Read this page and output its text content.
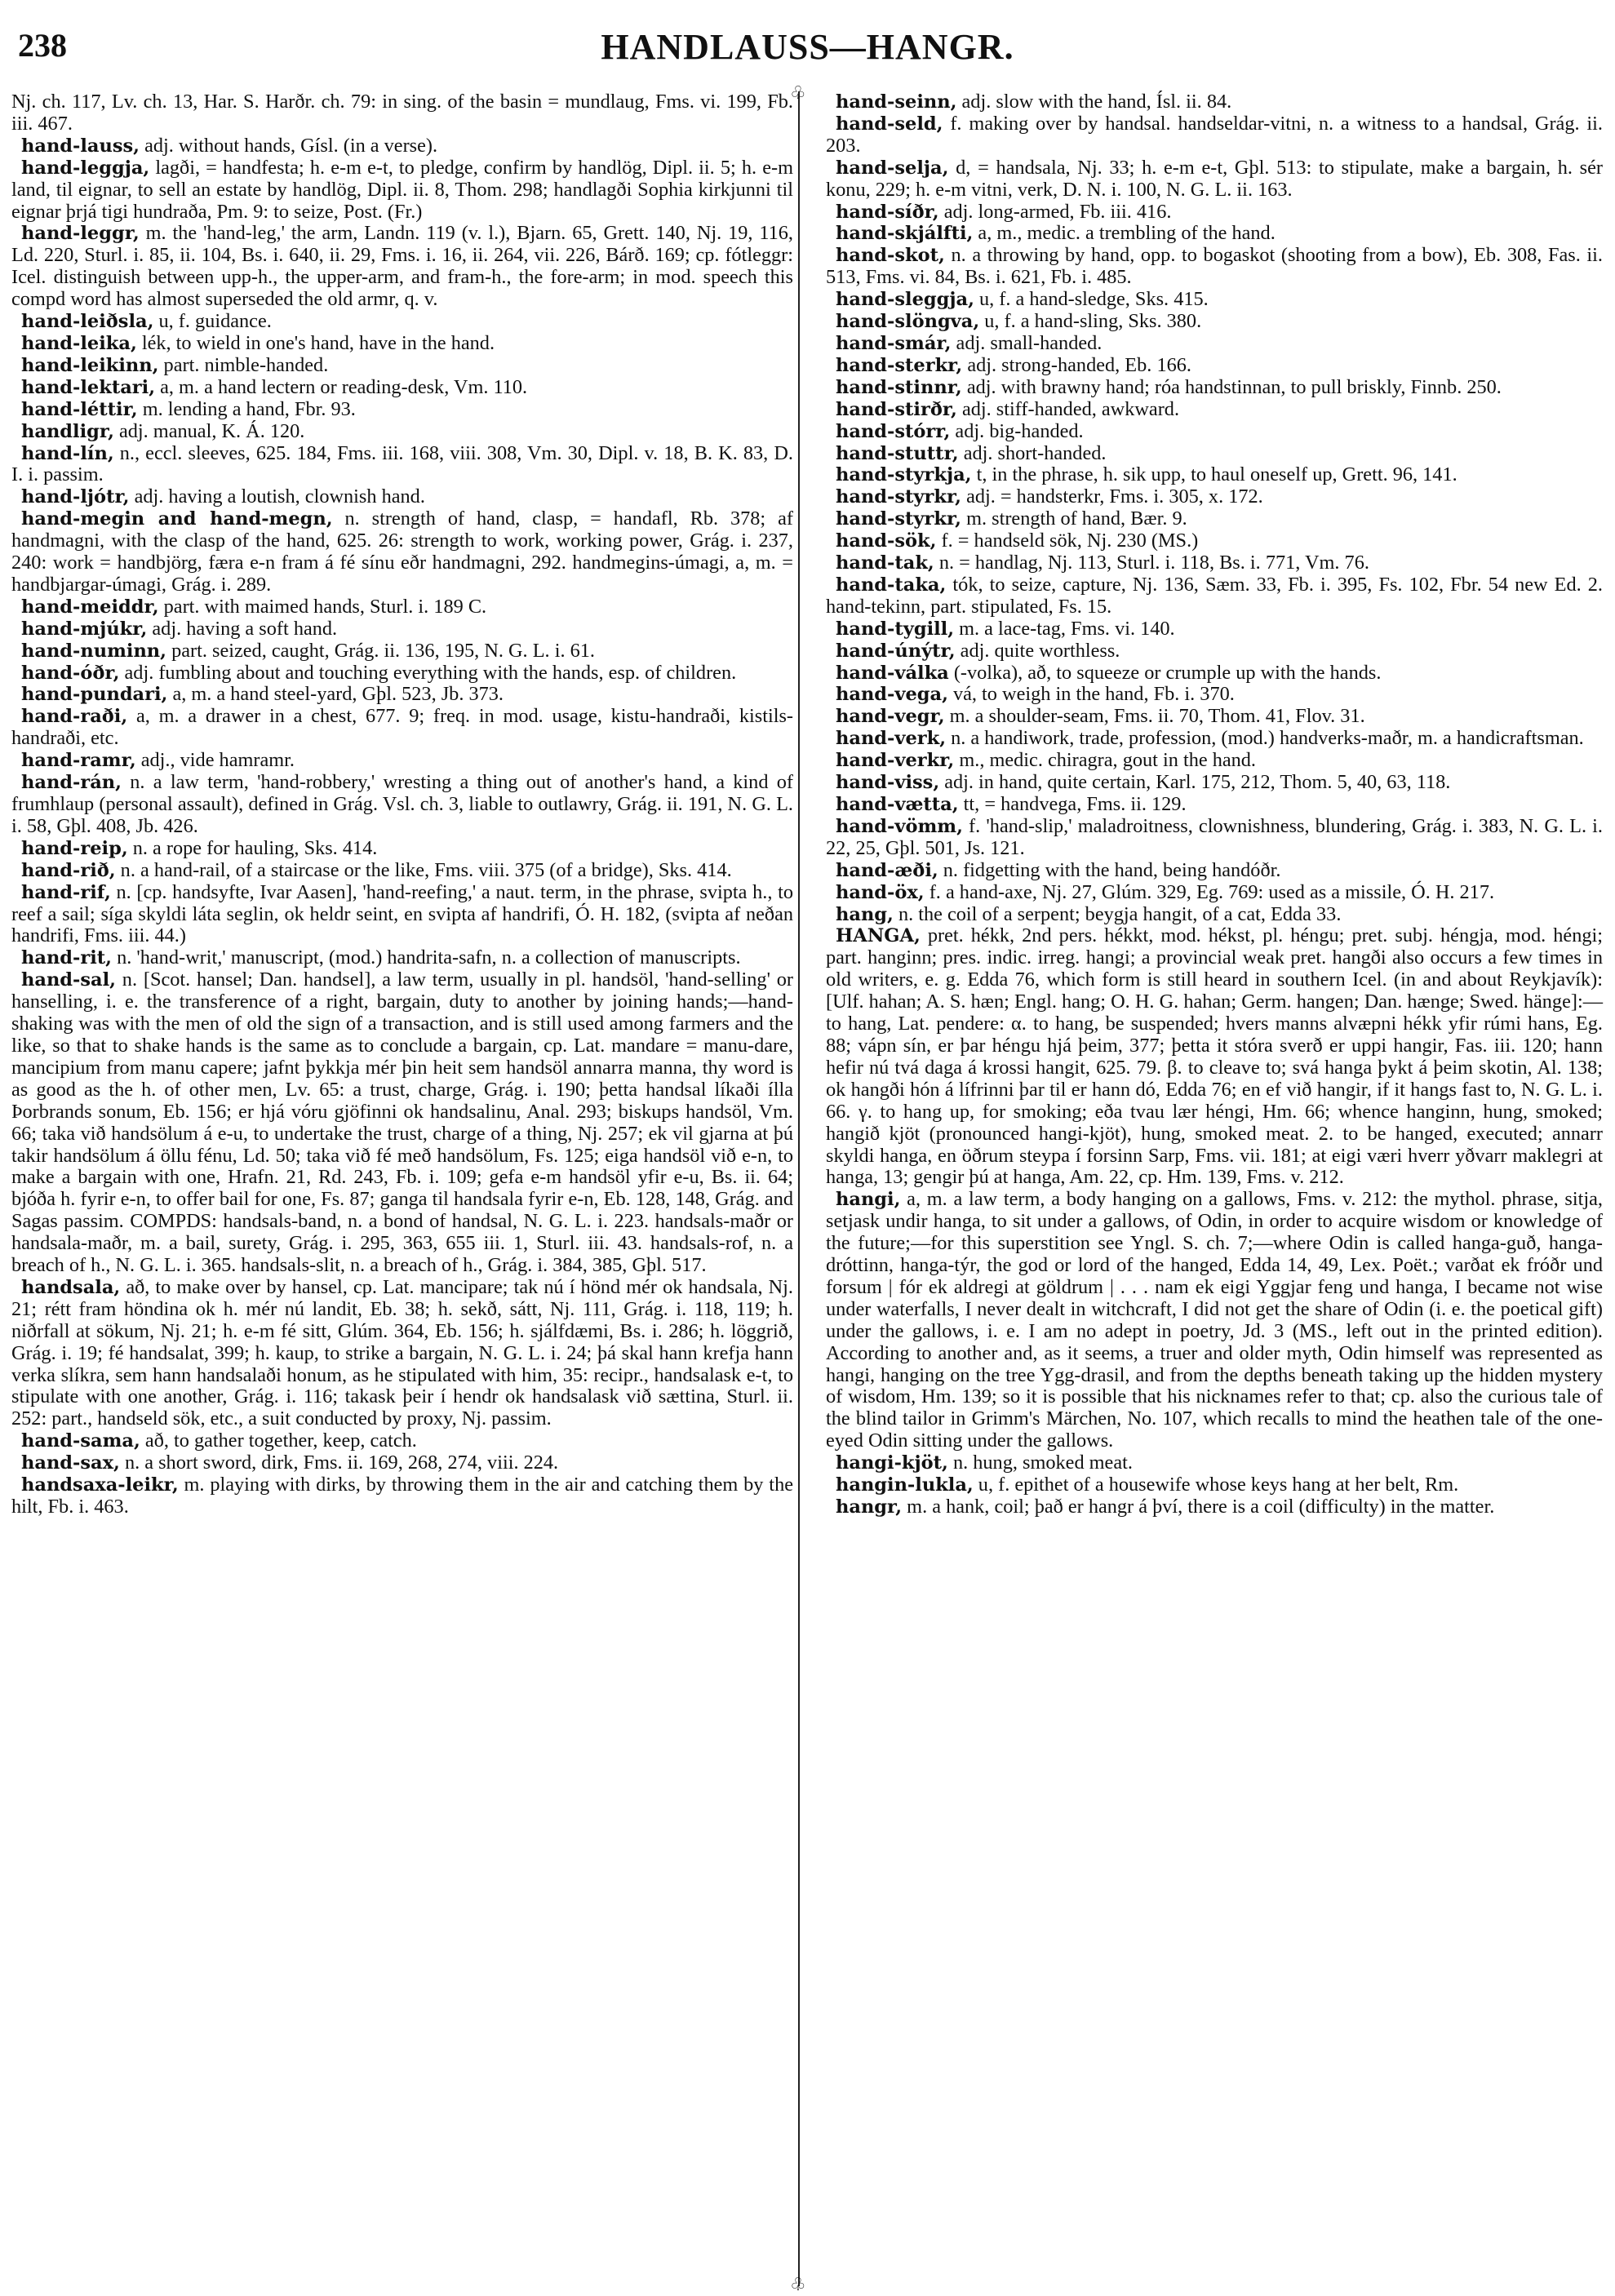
238	HANDLAUSS—HANGR.

Nj. ch. 117, Lv. ch. 13, Har. S. Harðr. ch. 79: in sing. of the basin = mundlaug, Fms. vi. 199, Fb. iii. 467.

hand-lauss, adj. without hands, Gísl. (in a verse).

hand-leggja, lagði, = handfesta; h. e-m e-t, to pledge, confirm by handlög, Dipl. ii. 5; h. e-m land, til eignar, to sell an estate by handlög, Dipl. ii. 8, Thom. 298; handlagði Sophia kirkjunni til eignar þrjá tigi hundraða, Pm. 9: to seize, Post. (Fr.)

hand-leggr, m. the 'hand-leg,' the arm, Landn. 119 (v. l.), Bjarn. 65, Grett. 140, Nj. 19, 116, Ld. 220, Sturl. i. 85, ii. 104, Bs. i. 640, ii. 29, Fms. i. 16, ii. 264, vii. 226, Bárð. 169; cp. fótleggr: Icel. distinguish between upp-h., the upper-arm, and fram-h., the fore-arm; in mod. speech this compd word has almost superseded the old armr, q. v.

hand-leiðsla, u, f. guidance.

hand-leika, lék, to wield in one's hand, have in the hand.

hand-leikinn, part. nimble-handed.

hand-lektari, a, m. a hand lectern or reading-desk, Vm. 110.

hand-léttir, m. lending a hand, Fbr. 93.

handligr, adj. manual, K. Á. 120.

hand-lín, n., eccl. sleeves, 625. 184, Fms. iii. 168, viii. 308, Vm. 30, Dipl. v. 18, B. K. 83, D. I. i. passim.

hand-ljótr, adj. having a loutish, clownish hand.

hand-megin and hand-megn, n. strength of hand, clasp, = handafl, Rb. 378; af handmagni, with the clasp of the hand, 625. 26: strength to work, working power, Grág. i. 237, 240: work = handbjörg, færa e-n fram á fé sínu eðr handmagni, 292. handmegins-úmagi, a, m. = handbjargar-úmagi, Grág. i. 289.

hand-meiddr, part. with maimed hands, Sturl. i. 189 C.

hand-mjúkr, adj. having a soft hand.

hand-numinn, part. seized, caught, Grág. ii. 136, 195, N. G. L. i. 61.

hand-óðr, adj. fumbling about and touching everything with the hands, esp. of children.

hand-pundari, a, m. a hand steel-yard, Gþl. 523, Jb. 373.

hand-raði, a, m. a drawer in a chest, 677. 9; freq. in mod. usage, kistu-handraði, kistils-handraði, etc.

hand-ramr, adj., vide hamramr.

hand-rán, n. a law term, 'hand-robbery,' wresting a thing out of another's hand, a kind of frumhlaup (personal assault), defined in Grág. Vsl. ch. 3, liable to outlawry, Grág. ii. 191, N. G. L. i. 58, Gþl. 408, Jb. 426.

hand-reip, n. a rope for hauling, Sks. 414.

hand-rið, n. a hand-rail, of a staircase or the like, Fms. viii. 375 (of a bridge), Sks. 414.

hand-rif, n. [cp. handsyfte, Ivar Aasen], 'hand-reefing,' a naut. term, in the phrase, svipta h., to reef a sail; síga skyldi láta seglin, ok heldr seint, en svipta af handrifi, Ó. H. 182, (svipta af neðan handrifi, Fms. iii. 44.)

hand-rit, n. 'hand-writ,' manuscript, (mod.) handrita-safn, n. a collection of manuscripts.

hand-sal, n. [Scot. hansel; Dan. handsel], a law term, usually in pl. handsöl, 'hand-selling' or hanselling, i. e. the transference of a right, bargain, duty to another by joining hands;—hand-shaking was with the men of old the sign of a transaction, and is still used among farmers and the like, so that to shake hands is the same as to conclude a bargain, cp. Lat. mandare = manu-dare, mancipium from manu capere; jafnt þykkja mér þin heit sem handsöl annarra manna, thy word is as good as the h. of other men, Lv. 65: a trust, charge, Grág. i. 190; þetta handsal líkaði ílla Þorbrands sonum, Eb. 156; er hjá vóru gjöfinni ok handsalinu, Anal. 293; biskups handsöl, Vm. 66; taka við handsölum á e-u, to undertake the trust, charge of a thing, Nj. 257; ek vil gjarna at þú takir handsölum á öllu fénu, Ld. 50; taka við fé með handsölum, Fs. 125; eiga handsöl við e-n, to make a bargain with one, Hrafn. 21, Rd. 243, Fb. i. 109; gefa e-m handsöl yfir e-u, Bs. ii. 64; bjóða h. fyrir e-n, to offer bail for one, Fs. 87; ganga til handsala fyrir e-n, Eb. 128, 148, Grág. and Sagas passim. COMPDS: handsals-band, n. a bond of handsal, N. G. L. i. 223. handsals-maðr or handsala-maðr, m. a bail, surety, Grág. i. 295, 363, 655 iii. 1, Sturl. iii. 43. handsals-rof, n. a breach of h., N. G. L. i. 365. handsals-slit, n. a breach of h., Grág. i. 384, 385, Gþl. 517.

handsala, að, to make over by hansel, cp. Lat. mancipare; tak nú í hönd mér ok handsala, Nj. 21; rétt fram höndina ok h. mér nú landit, Eb. 38; h. sekð, sátt, Nj. 111, Grág. i. 118, 119; h. niðrfall at sökum, Nj. 21; h. e-m fé sitt, Glúm. 364, Eb. 156; h. sjálfdæmi, Bs. i. 286; h. löggrið, Grág. i. 19; fé handsalat, 399; h. kaup, to strike a bargain, N. G. L. i. 24; þá skal hann krefja hann verka slíkra, sem hann handsalaði honum, as he stipulated with him, 35: recipr., handsalask e-t, to stipulate with one another, Grág. i. 116; takask þeir í hendr ok handsalask við sættina, Sturl. ii. 252: part., handseld sök, etc., a suit conducted by proxy, Nj. passim.

hand-sama, að, to gather together, keep, catch.

hand-sax, n. a short sword, dirk, Fms. ii. 169, 268, 274, viii. 224.

handsaxa-leikr, m. playing with dirks, by throwing them in the air and catching them by the hilt, Fb. i. 463.

♧
♧

hand-seinn, adj. slow with the hand, Ísl. ii. 84.

hand-seld, f. making over by handsal. handseldar-vitni, n. a witness to a handsal, Grág. ii. 203.

hand-selja, d, = handsala, Nj. 33; h. e-m e-t, Gþl. 513: to stipulate, make a bargain, h. sér konu, 229; h. e-m vitni, verk, D. N. i. 100, N. G. L. ii. 163.

hand-síðr, adj. long-armed, Fb. iii. 416.

hand-skjálfti, a, m., medic. a trembling of the hand.

hand-skot, n. a throwing by hand, opp. to bogaskot (shooting from a bow), Eb. 308, Fas. ii. 513, Fms. vi. 84, Bs. i. 621, Fb. i. 485.

hand-sleggja, u, f. a hand-sledge, Sks. 415.

hand-slöngva, u, f. a hand-sling, Sks. 380.

hand-smár, adj. small-handed.

hand-sterkr, adj. strong-handed, Eb. 166.

hand-stinnr, adj. with brawny hand; róa handstinnan, to pull briskly, Finnb. 250.

hand-stirðr, adj. stiff-handed, awkward.

hand-stórr, adj. big-handed.

hand-stuttr, adj. short-handed.

hand-styrkja, t, in the phrase, h. sik upp, to haul oneself up, Grett. 96, 141.

hand-styrkr, adj. = handsterkr, Fms. i. 305, x. 172.

hand-styrkr, m. strength of hand, Bær. 9.

hand-sök, f. = handseld sök, Nj. 230 (MS.)

hand-tak, n. = handlag, Nj. 113, Sturl. i. 118, Bs. i. 771, Vm. 76.

hand-taka, tók, to seize, capture, Nj. 136, Sæm. 33, Fb. i. 395, Fs. 102, Fbr. 54 new Ed. 2. hand-tekinn, part. stipulated, Fs. 15.

hand-tygill, m. a lace-tag, Fms. vi. 140.

hand-únýtr, adj. quite worthless.

hand-válka (-volka), að, to squeeze or crumple up with the hands.

hand-vega, vá, to weigh in the hand, Fb. i. 370.

hand-vegr, m. a shoulder-seam, Fms. ii. 70, Thom. 41, Flov. 31.

hand-verk, n. a handiwork, trade, profession, (mod.) handverks-maðr, m. a handicraftsman.

hand-verkr, m., medic. chiragra, gout in the hand.

hand-viss, adj. in hand, quite certain, Karl. 175, 212, Thom. 5, 40, 63, 118.

hand-vætta, tt, = handvega, Fms. ii. 129.

hand-vömm, f. 'hand-slip,' maladroitness, clownishness, blundering, Grág. i. 383, N. G. L. i. 22, 25, Gþl. 501, Js. 121.

hand-æði, n. fidgetting with the hand, being handóðr.

hand-öx, f. a hand-axe, Nj. 27, Glúm. 329, Eg. 769: used as a missile, Ó. H. 217.

hang, n. the coil of a serpent; beygja hangit, of a cat, Edda 33.

HANGA, pret. hékk, 2nd pers. hékkt, mod. hékst, pl. héngu; pret. subj. héngja, mod. héngi; part. hanginn; pres. indic. irreg. hangi; a provincial weak pret. hangði also occurs a few times in old writers, e. g. Edda 76, which form is still heard in southern Icel. (in and about Reykjavík): [Ulf. hahan; A. S. hæn; Engl. hang; O. H. G. hahan; Germ. hangen; Dan. hænge; Swed. hänge]:—to hang, Lat. pendere: α. to hang, be suspended; hvers manns alvæpni hékk yfir rúmi hans, Eg. 88; vápn sín, er þar héngu hjá þeim, 377; þetta it stóra sverð er uppi hangir, Fas. iii. 120; hann hefir nú tvá daga á krossi hangit, 625. 79. β. to cleave to; svá hanga þykt á þeim skotin, Al. 138; ok hangði hón á lífrinni þar til er hann dó, Edda 76; en ef við hangir, if it hangs fast to, N. G. L. i. 66. γ. to hang up, for smoking; eða tvau lær héngi, Hm. 66; whence hanginn, hung, smoked; hangið kjöt (pronounced hangi-kjöt), hung, smoked meat. 2. to be hanged, executed; annarr skyldi hanga, en öðrum steypa í forsinn Sarp, Fms. vii. 181; at eigi væri hverr yðvarr maklegri at hanga, 13; gengir þú at hanga, Am. 22, cp. Hm. 139, Fms. v. 212.

hangi, a, m. a law term, a body hanging on a gallows, Fms. v. 212: the mythol. phrase, sitja, setjask undir hanga, to sit under a gallows, of Odin, in order to acquire wisdom or knowledge of the future;—for this superstition see Yngl. S. ch. 7;—where Odin is called hanga-guð, hanga-dróttinn, hanga-týr, the god or lord of the hanged, Edda 14, 49, Lex. Poët.; varðat ek fróðr und forsum | fór ek aldregi at göldrum | . . . nam ek eigi Yggjar feng und hanga, I became not wise under waterfalls, I never dealt in witchcraft, I did not get the share of Odin (i. e. the poetical gift) under the gallows, i. e. I am no adept in poetry, Jd. 3 (MS., left out in the printed edition). According to another and, as it seems, a truer and older myth, Odin himself was represented as hangi, hanging on the tree Ygg-drasil, and from the depths beneath taking up the hidden mystery of wisdom, Hm. 139; so it is possible that his nicknames refer to that; cp. also the curious tale of the blind tailor in Grimm's Märchen, No. 107, which recalls to mind the heathen tale of the one-eyed Odin sitting under the gallows.

hangi-kjöt, n. hung, smoked meat.

hangin-lukla, u, f. epithet of a housewife whose keys hang at her belt, Rm.

hangr, m. a hank, coil; það er hangr á því, there is a coil (difficulty) in the matter.
